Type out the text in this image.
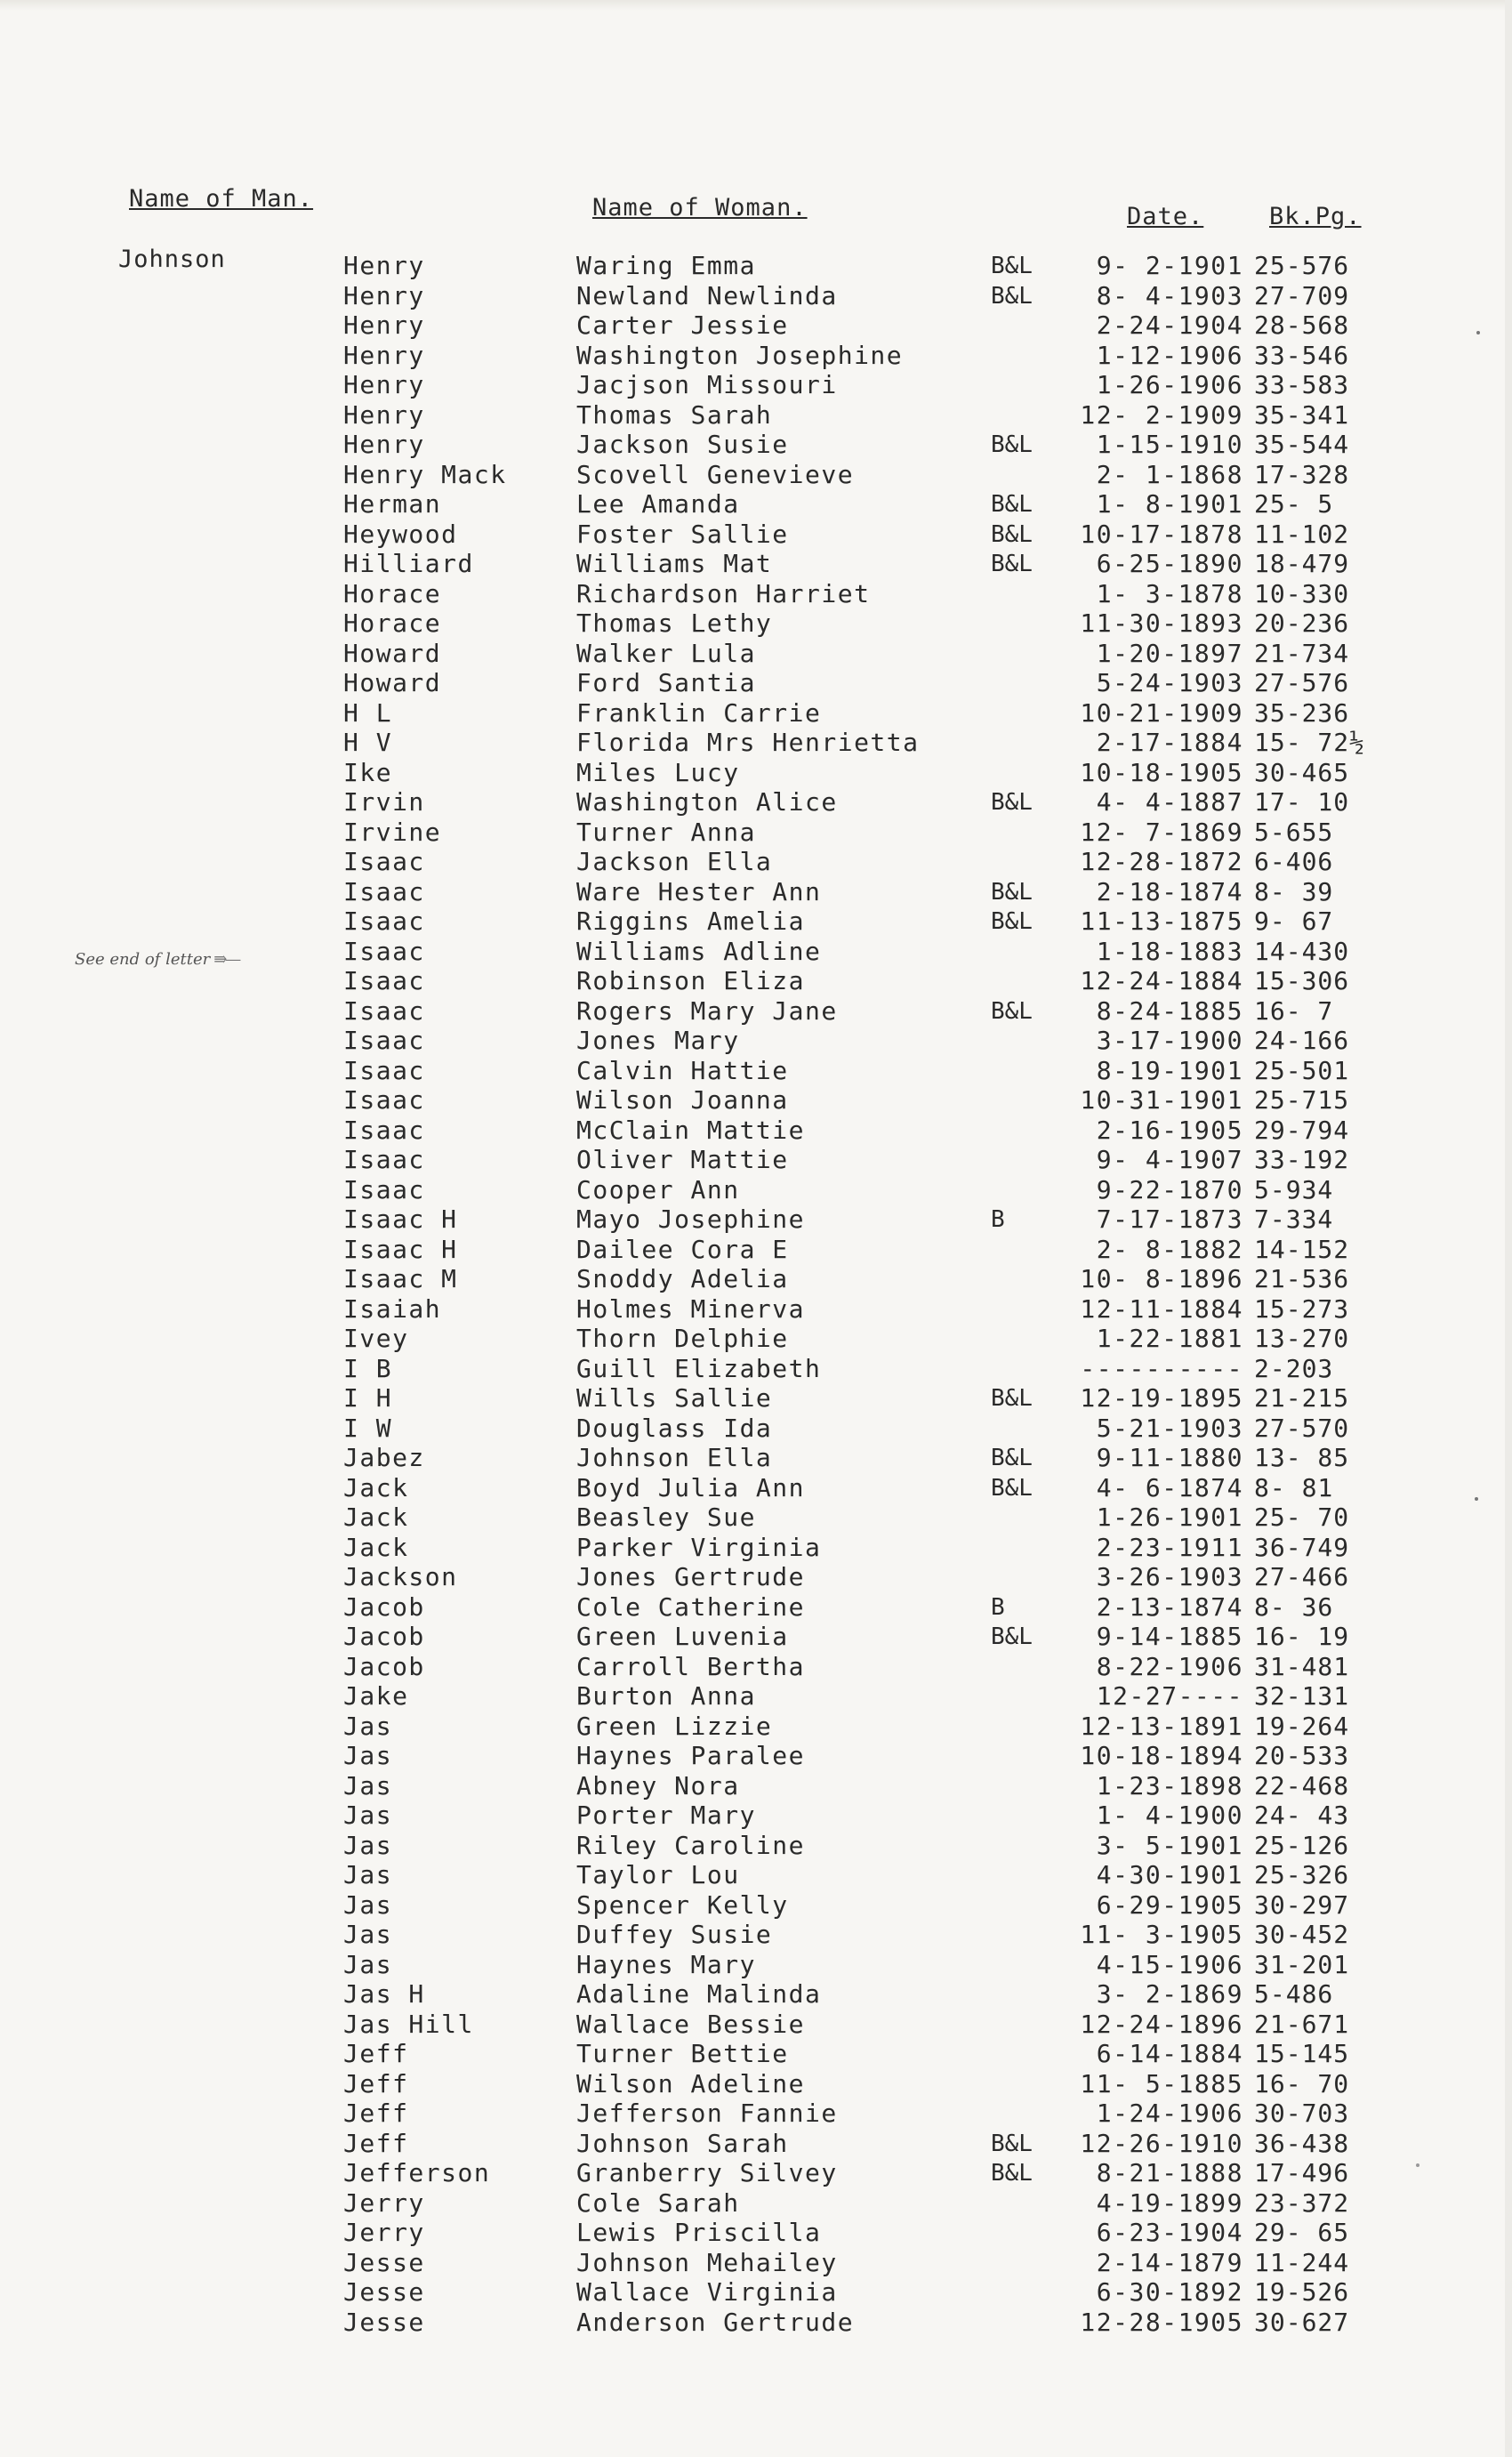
Name of Man.	Name of Woman.	Date.	Bk.Pg.
Johnson
See end of letter ⇛—
Henry	Waring Emma	B&L	9- 2-1901 25-576
Henry	Newland Newlinda	B&L	8- 4-1903 27-709
Henry	Carter Jessie	2-24-1904 28-568
Henry	Washington Josephine	1-12-1906 33-546
Henry	Jacjson Missouri	1-26-1906 33-583
Henry	Thomas Sarah	12- 2-1909 35-341
Henry	Jackson Susie	B&L	1-15-1910 35-544
Henry Mack	Scovell Genevieve	2- 1-1868 17-328
Herman	Lee Amanda	B&L	1- 8-1901 25- 5
Heywood	Foster Sallie	B&L	10-17-1878 11-102
Hilliard	Williams Mat	B&L	6-25-1890 18-479
Horace	Richardson Harriet	1- 3-1878 10-330
Horace	Thomas Lethy	11-30-1893 20-236
Howard	Walker Lula	1-20-1897 21-734
Howard	Ford Santia	5-24-1903 27-576
H L	Franklin Carrie	10-21-1909 35-236
H V	Florida Mrs Henrietta	2-17-1884 15- 72½
Ike	Miles Lucy	10-18-1905 30-465
Irvin	Washington Alice	B&L	4- 4-1887 17- 10
Irvine	Turner Anna	12- 7-1869 5-655
Isaac	Jackson Ella	12-28-1872 6-406
Isaac	Ware Hester Ann	B&L	2-18-1874 8- 39
Isaac	Riggins Amelia	B&L	11-13-1875 9- 67
Isaac	Williams Adline	1-18-1883 14-430
Isaac	Robinson Eliza	12-24-1884 15-306
Isaac	Rogers Mary Jane	B&L	8-24-1885 16- 7
Isaac	Jones Mary	3-17-1900 24-166
Isaac	Calvin Hattie	8-19-1901 25-501
Isaac	Wilson Joanna	10-31-1901 25-715
Isaac	McClain Mattie	2-16-1905 29-794
Isaac	Oliver Mattie	9- 4-1907 33-192
Isaac	Cooper Ann	9-22-1870 5-934
Isaac H	Mayo Josephine	B	7-17-1873 7-334
Isaac H	Dailee Cora E	2- 8-1882 14-152
Isaac M	Snoddy Adelia	10- 8-1896 21-536
Isaiah	Holmes Minerva	12-11-1884 15-273
Ivey	Thorn Delphie	1-22-1881 13-270
I B	Guill Elizabeth	---------- 2-203
I H	Wills Sallie	B&L	12-19-1895 21-215
I W	Douglass Ida	5-21-1903 27-570
Jabez	Johnson Ella	B&L	9-11-1880 13- 85
Jack	Boyd Julia Ann	B&L	4- 6-1874 8- 81
Jack	Beasley Sue	1-26-1901 25- 70
Jack	Parker Virginia	2-23-1911 36-749
Jackson	Jones Gertrude	3-26-1903 27-466
Jacob	Cole Catherine	B	2-13-1874 8- 36
Jacob	Green Luvenia	B&L	9-14-1885 16- 19
Jacob	Carroll Bertha	8-22-1906 31-481
Jake	Burton Anna	12-27---- 32-131
Jas	Green Lizzie	12-13-1891 19-264
Jas	Haynes Paralee	10-18-1894 20-533
Jas	Abney Nora	1-23-1898 22-468
Jas	Porter Mary	1- 4-1900 24- 43
Jas	Riley Caroline	3- 5-1901 25-126
Jas	Taylor Lou	4-30-1901 25-326
Jas	Spencer Kelly	6-29-1905 30-297
Jas	Duffey Susie	11- 3-1905 30-452
Jas	Haynes Mary	4-15-1906 31-201
Jas H	Adaline Malinda	3- 2-1869 5-486
Jas Hill	Wallace Bessie	12-24-1896 21-671
Jeff	Turner Bettie	6-14-1884 15-145
Jeff	Wilson Adeline	11- 5-1885 16- 70
Jeff	Jefferson Fannie	1-24-1906 30-703
Jeff	Johnson Sarah	B&L	12-26-1910 36-438
Jefferson	Granberry Silvey	B&L	8-21-1888 17-496
Jerry	Cole Sarah	4-19-1899 23-372
Jerry	Lewis Priscilla	6-23-1904 29- 65
Jesse	Johnson Mehailey	2-14-1879 11-244
Jesse	Wallace Virginia	6-30-1892 19-526
Jesse	Anderson Gertrude	12-28-1905 30-627
